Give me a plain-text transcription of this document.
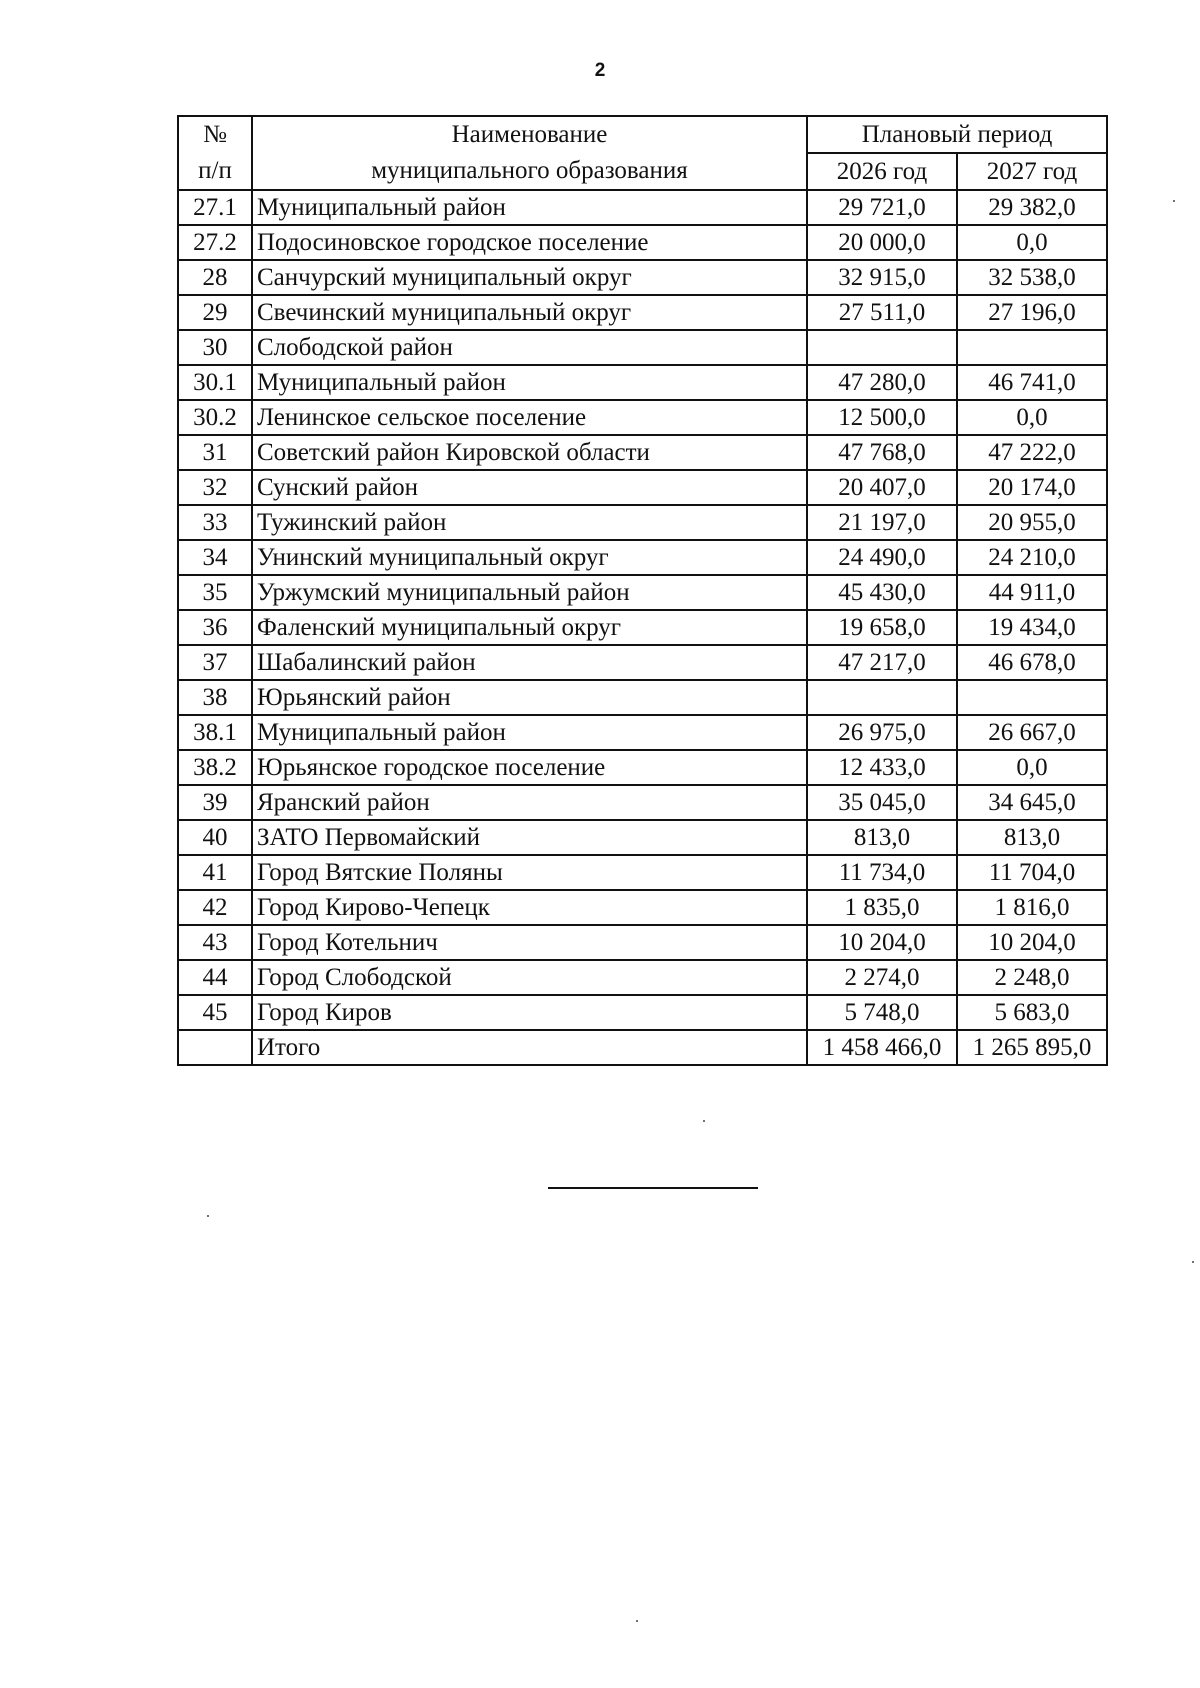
2
№
п/п	Наименование
муниципального образования	Плановый период	
		2026 год	2027 год
27.1	Муниципальный район	29 721,0	29 382,0
27.2	Подосиновское городское поселение	20 000,0	0,0
28	Санчурский муниципальный округ	32 915,0	32 538,0
29	Свечинский муниципальный округ	27 511,0	27 196,0
30	Слободской район		
30.1	Муниципальный район	47 280,0	46 741,0
30.2	Ленинское сельское поселение	12 500,0	0,0
31	Советский район Кировской области	47 768,0	47 222,0
32	Сунский район	20 407,0	20 174,0
33	Тужинский район	21 197,0	20 955,0
34	Унинский муниципальный округ	24 490,0	24 210,0
35	Уржумский муниципальный район	45 430,0	44 911,0
36	Фаленский муниципальный округ	19 658,0	19 434,0
37	Шабалинский район	47 217,0	46 678,0
38	Юрьянский район		
38.1	Муниципальный район	26 975,0	26 667,0
38.2	Юрьянское городское поселение	12 433,0	0,0
39	Яранский район	35 045,0	34 645,0
40	ЗАТО Первомайский	813,0	813,0
41	Город Вятские Поляны	11 734,0	11 704,0
42	Город Кирово-Чепецк	1 835,0	1 816,0
43	Город Котельнич	10 204,0	10 204,0
44	Город Слободской	2 274,0	2 248,0
45	Город Киров	5 748,0	5 683,0
	Итого	1 458 466,0	1 265 895,0
